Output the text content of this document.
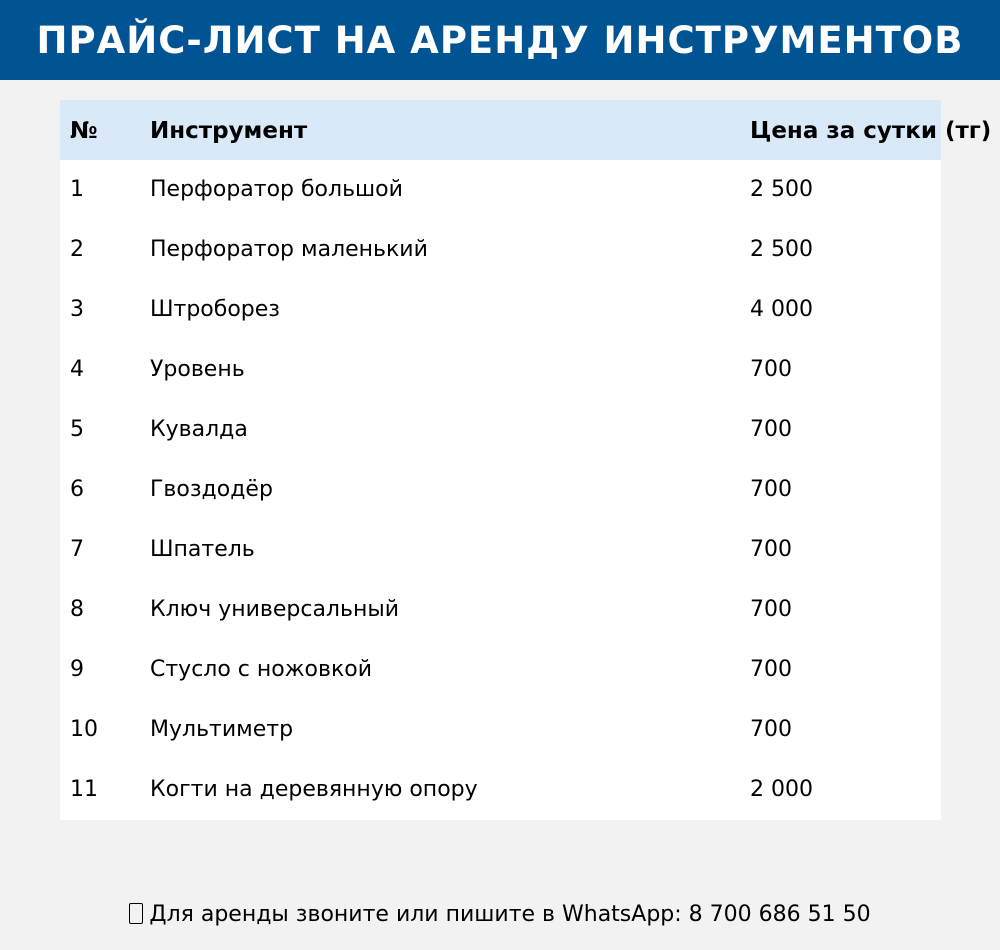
ПРАЙС-ЛИСТ НА АРЕНДУ ИНСТРУМЕНТОВ
№ Инструмент	Цена за сутки (тг)
1	Перфоратор большой	2 500
2	Перфоратор маленький	2 500
3	Штроборез	4 000
4	Уровень	700
5	Кувалда	700
6	Гвоздодёр	700
7	Шпатель	700
8	Ключ универсальный	700
9	Стусло с ножовкой	700
10 Мультиметр	700
11 Когти на деревянную опору	2 000
Для аренды звоните или пишите в WhatsApp: 8 700 686 51 50
